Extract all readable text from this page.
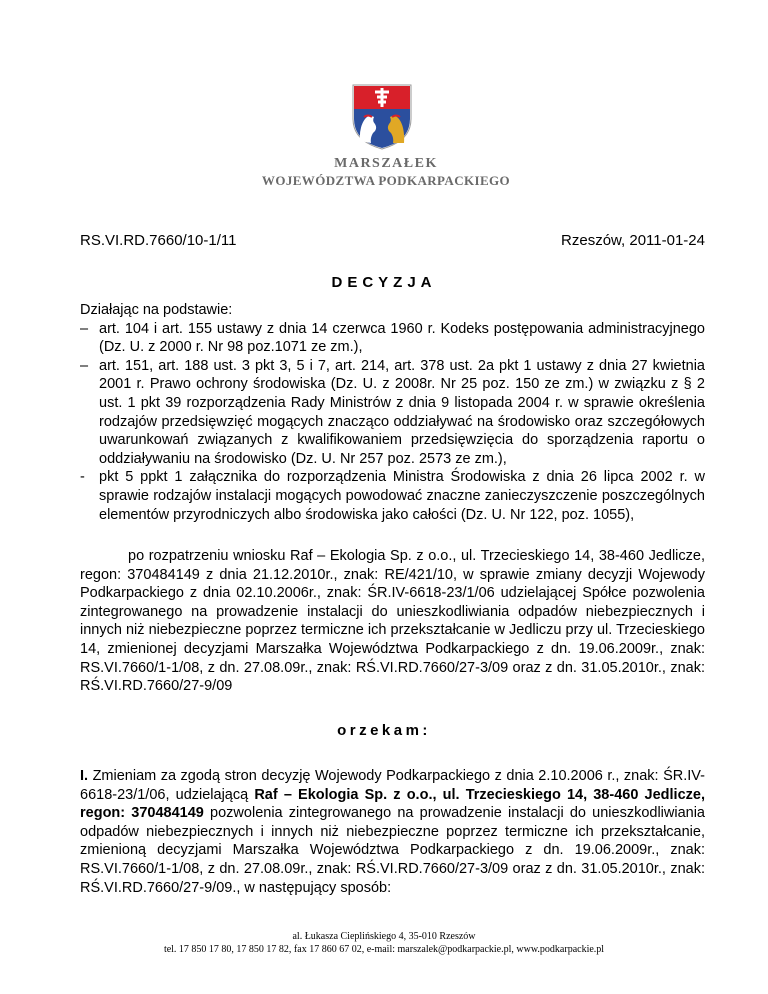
MARSZAŁEK
WOJEWÓDZTWA PODKARPACKIEGO
RS.VI.RD.7660/10-1/11	Rzeszów, 2011-01-24
DECYZJA

Działając na podstawie:

– art. 104 i art. 155 ustawy z dnia 14 czerwca 1960 r. Kodeks postępowania administracyjnego (Dz. U. z 2000 r. Nr 98 poz.1071 ze zm.),
– art. 151, art. 188 ust. 3 pkt 3, 5 i 7, art. 214, art. 378 ust. 2a pkt 1 ustawy z dnia 27 kwietnia 2001 r. Prawo ochrony środowiska (Dz. U. z 2008r. Nr 25 poz. 150 ze zm.) w związku z § 2 ust. 1 pkt 39 rozporządzenia Rady Ministrów z dnia 9 listopada 2004 r. w sprawie określenia rodzajów przedsięwzięć mogących znacząco oddziaływać na środowisko oraz szczegółowych uwarunkowań związanych z kwalifikowaniem przedsięwzięcia do sporządzenia raportu o oddziaływaniu na środowisko (Dz. U. Nr 257 poz. 2573 ze zm.),
- pkt 5 ppkt 1 załącznika do rozporządzenia Ministra Środowiska z dnia 26 lipca 2002 r. w sprawie rodzajów instalacji mogących powodować znaczne zanieczyszczenie poszczególnych elementów przyrodniczych albo środowiska jako całości (Dz. U. Nr 122, poz. 1055),

po rozpatrzeniu wniosku Raf – Ekologia Sp. z o.o., ul. Trzecieskiego 14, 38-460 Jedlicze, regon: 370484149 z dnia 21.12.2010r., znak: RE/421/10, w sprawie zmiany decyzji Wojewody Podkarpackiego z dnia 02.10.2006r., znak: ŚR.IV-6618-23/1/06 udzielającej Spółce pozwolenia zintegrowanego na prowadzenie instalacji do unieszkodliwiania odpadów niebezpiecznych i innych niż niebezpieczne poprzez termiczne ich przekształcanie w Jedliczu przy ul. Trzecieskiego 14, zmienionej decyzjami Marszałka Województwa Podkarpackiego z dn. 19.06.2009r., znak: RS.VI.7660/1-1/08, z dn. 27.08.09r., znak: RŚ.VI.RD.7660/27-3/09 oraz z dn. 31.05.2010r., znak: RŚ.VI.RD.7660/27-9/09

orzekam:

I. Zmieniam za zgodą stron decyzję Wojewody Podkarpackiego z dnia 2.10.2006 r., znak: ŚR.IV-6618-23/1/06, udzielającą Raf – Ekologia Sp. z o.o., ul. Trzecieskiego 14, 38-460 Jedlicze, regon: 370484149 pozwolenia zintegrowanego na prowadzenie instalacji do unieszkodliwiania odpadów niebezpiecznych i innych niż niebezpieczne poprzez termiczne ich przekształcanie, zmienioną decyzjami Marszałka Województwa Podkarpackiego z dn. 19.06.2009r., znak: RS.VI.7660/1-1/08, z dn. 27.08.09r., znak: RŚ.VI.RD.7660/27-3/09 oraz z dn. 31.05.2010r., znak: RŚ.VI.RD.7660/27-9/09., w następujący sposób:

al. Łukasza Cieplińskiego 4, 35-010 Rzeszów
tel. 17 850 17 80, 17 850 17 82, fax 17 860 67 02, e-mail: marszalek@podkarpackie.pl, www.podkarpackie.pl
